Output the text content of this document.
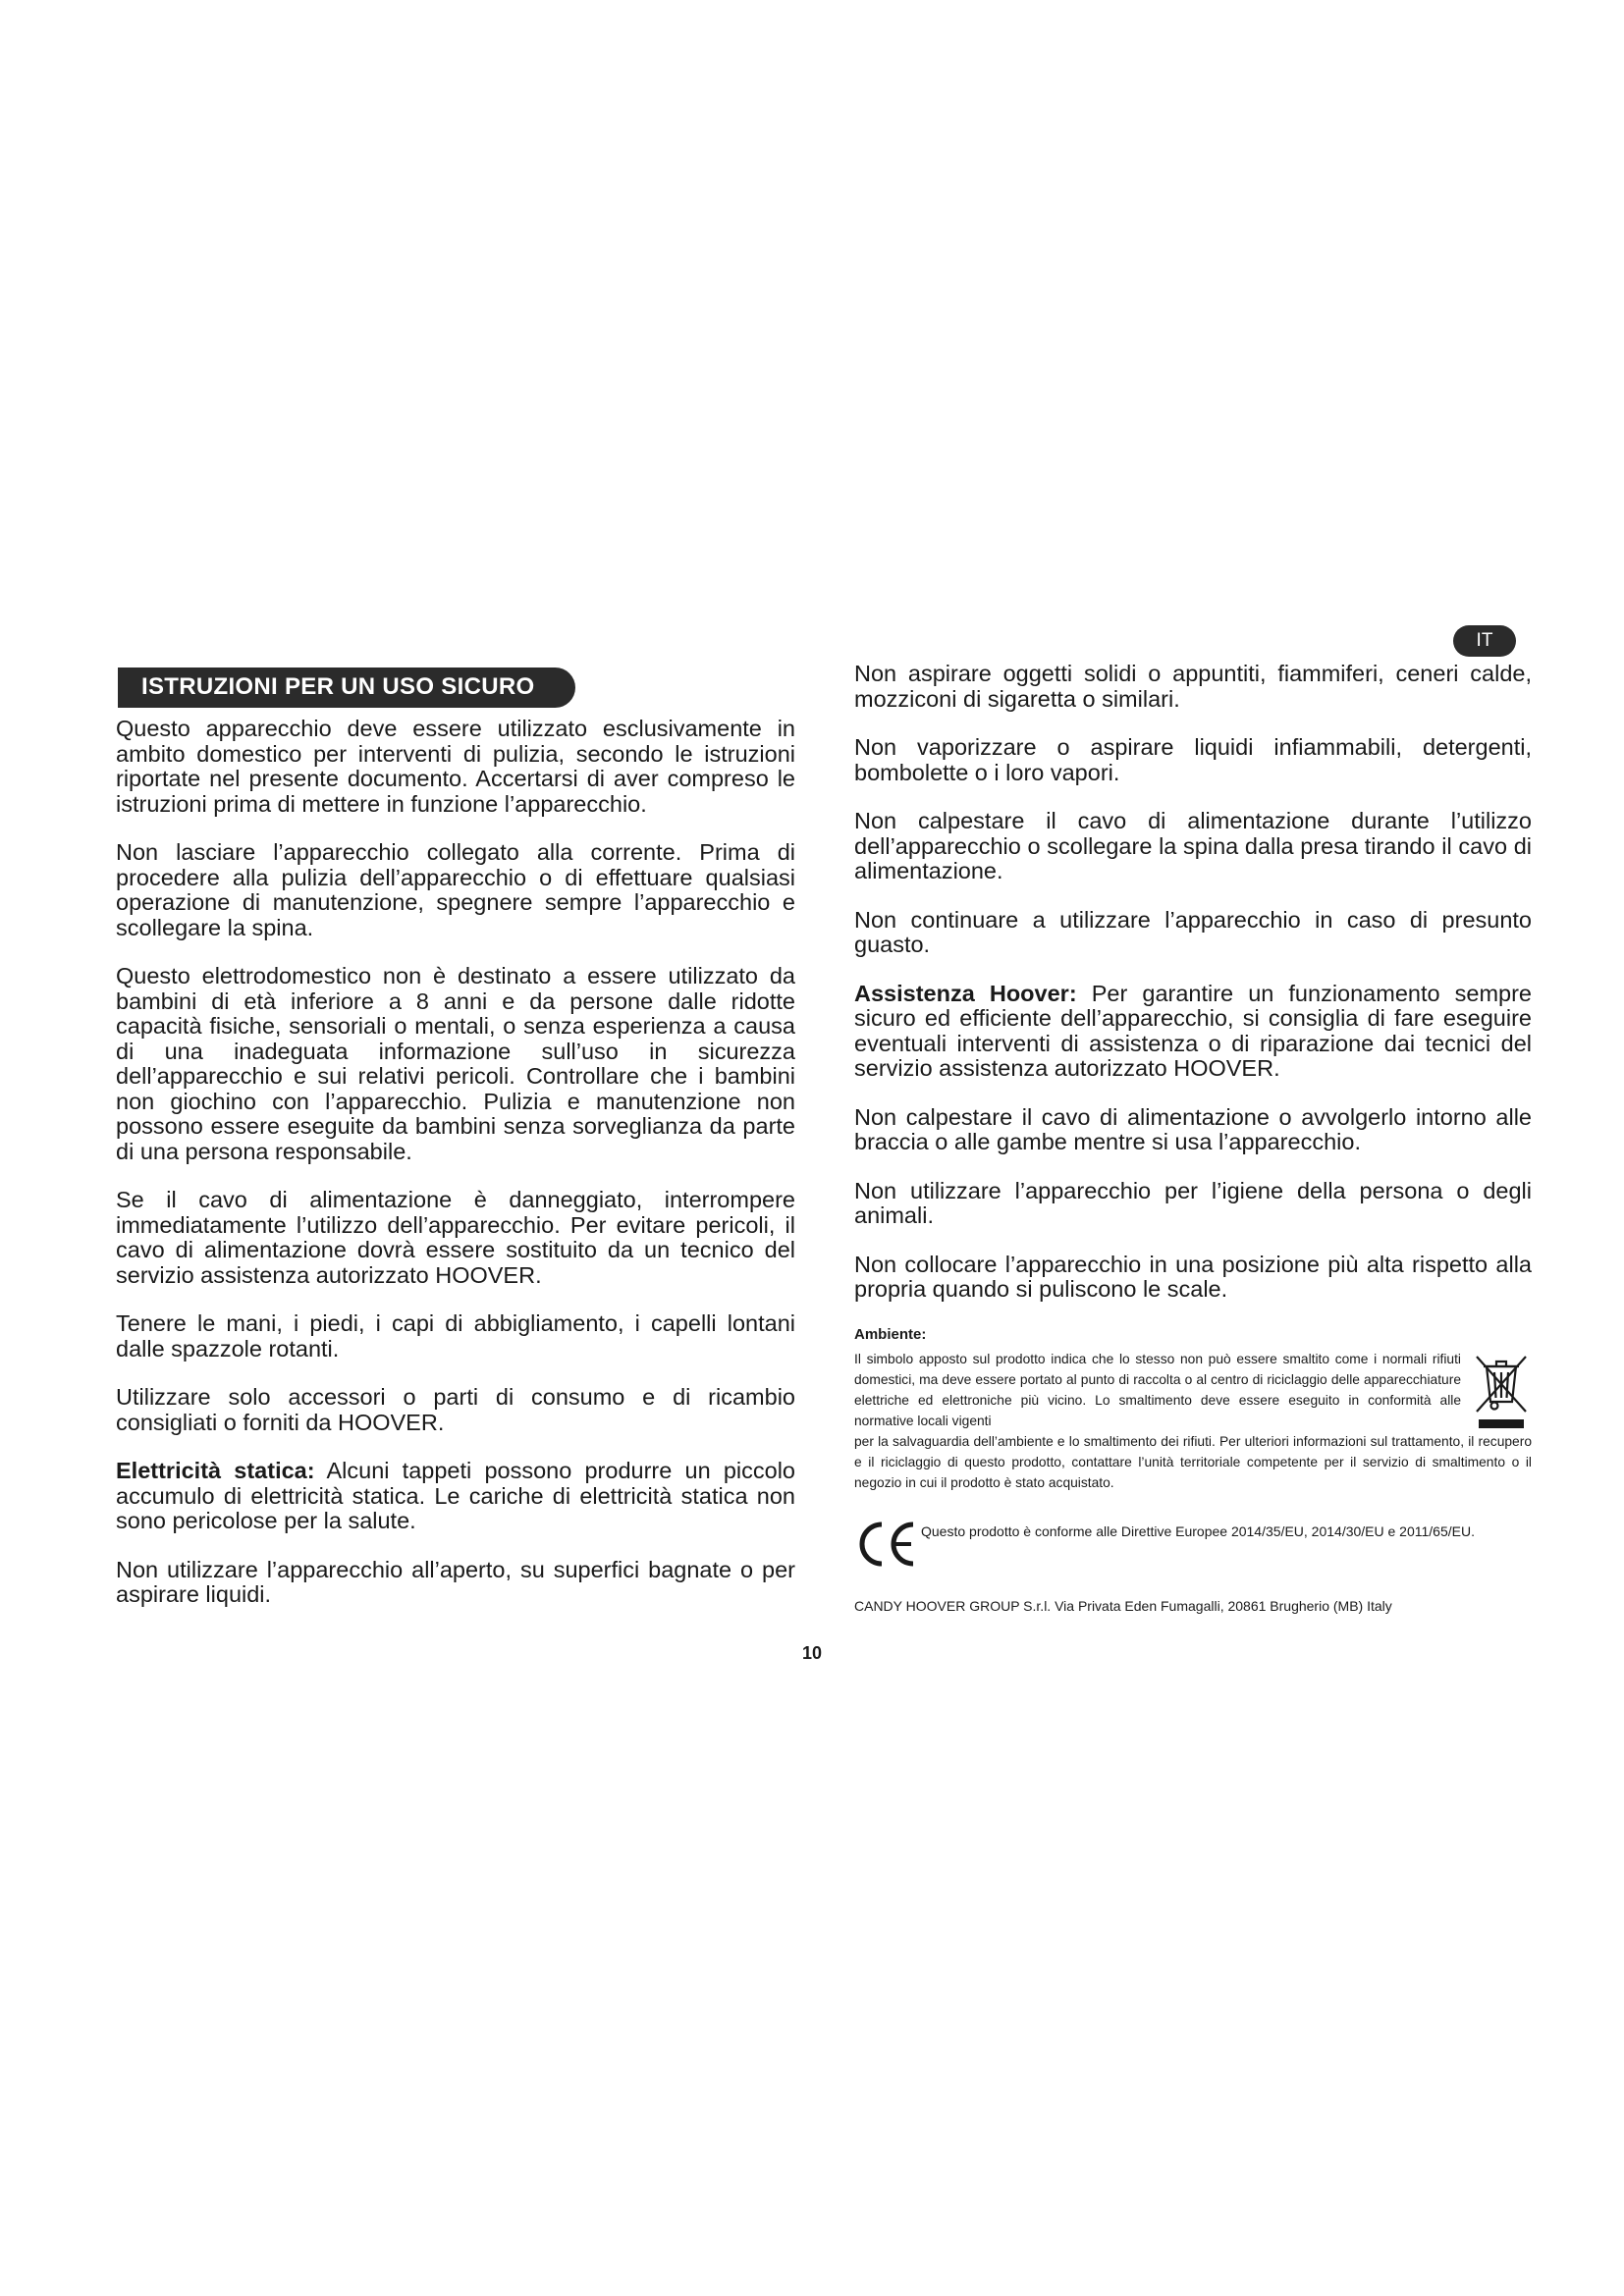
IT
ISTRUZIONI PER UN USO SICURO

Questo apparecchio deve essere utilizzato esclusivamente in ambito domestico per interventi di pulizia, secondo le istruzioni riportate nel presente documento. Accertarsi di aver compreso le istruzioni prima di mettere in funzione l’apparecchio.

Non lasciare l’apparecchio collegato alla corrente. Prima di procedere alla pulizia dell’apparecchio o di effettuare qualsiasi operazione di manutenzione, spegnere sempre l’apparecchio e scollegare la spina.

Questo elettrodomestico non è destinato a essere utilizzato da bambini di età inferiore a 8 anni e da persone dalle ridotte capacità fisiche, sensoriali o mentali, o senza esperienza a causa di una inadeguata informazione sull’uso in sicurezza dell’apparecchio e sui relativi pericoli. Controllare che i bambini non giochino con l’apparecchio. Pulizia e manutenzione non possono essere eseguite da bambini senza sorveglianza da parte di una persona responsabile.

Se il cavo di alimentazione è danneggiato, interrompere immediatamente l’utilizzo dell’apparecchio. Per evitare pericoli, il cavo di alimentazione dovrà essere sostituito da un tecnico del servizio assistenza autorizzato HOOVER.

Tenere le mani, i piedi, i capi di abbigliamento, i capelli lontani dalle spazzole rotanti.

Utilizzare solo accessori o parti di consumo e di ricambio consigliati o forniti da HOOVER.

Elettricità statica: Alcuni tappeti possono produrre un piccolo accumulo di elettricità statica. Le cariche di elettricità statica non sono pericolose per la salute.

Non utilizzare l’apparecchio all’aperto, su superfici bagnate o per aspirare liquidi.

Non aspirare oggetti solidi o appuntiti, fiammiferi, ceneri calde, mozziconi di sigaretta o similari.

Non vaporizzare o aspirare liquidi infiammabili, detergenti, bombolette o i loro vapori.

Non calpestare il cavo di alimentazione durante l’utilizzo dell’apparecchio o scollegare la spina dalla presa tirando il cavo di alimentazione.

Non continuare a utilizzare l’apparecchio in caso di presunto guasto.

Assistenza Hoover: Per garantire un funzionamento sempre sicuro ed efficiente dell’apparecchio, si consiglia di fare eseguire eventuali interventi di assistenza o di riparazione dai tecnici del servizio assistenza autorizzato HOOVER.

Non calpestare il cavo di alimentazione o avvolgerlo intorno alle braccia o alle gambe mentre si usa l’apparecchio.

Non utilizzare l’apparecchio per l’igiene della persona o degli animali.

Non collocare l’apparecchio in una posizione più alta rispetto alla propria quando si puliscono le scale.

Ambiente:
Il simbolo apposto sul prodotto indica che lo stesso non può essere smaltito come i normali rifiuti domestici, ma deve essere portato al punto di raccolta o al centro di riciclaggio delle apparecchiature elettriche ed elettroniche più vicino. Lo smaltimento deve essere eseguito in conformità alle normative locali vigenti
per la salvaguardia dell’ambiente e lo smaltimento dei rifiuti. Per ulteriori informazioni sul trattamento, il recupero e il riciclaggio di questo prodotto, contattare l’unità territoriale competente per il servizio di smaltimento o il negozio in cui il prodotto è stato acquistato.
Questo prodotto è conforme alle Direttive Europee 2014/35/EU, 2014/30/EU e 2011/65/EU.
CANDY HOOVER GROUP S.r.l. Via Privata Eden Fumagalli, 20861 Brugherio (MB) Italy
10
